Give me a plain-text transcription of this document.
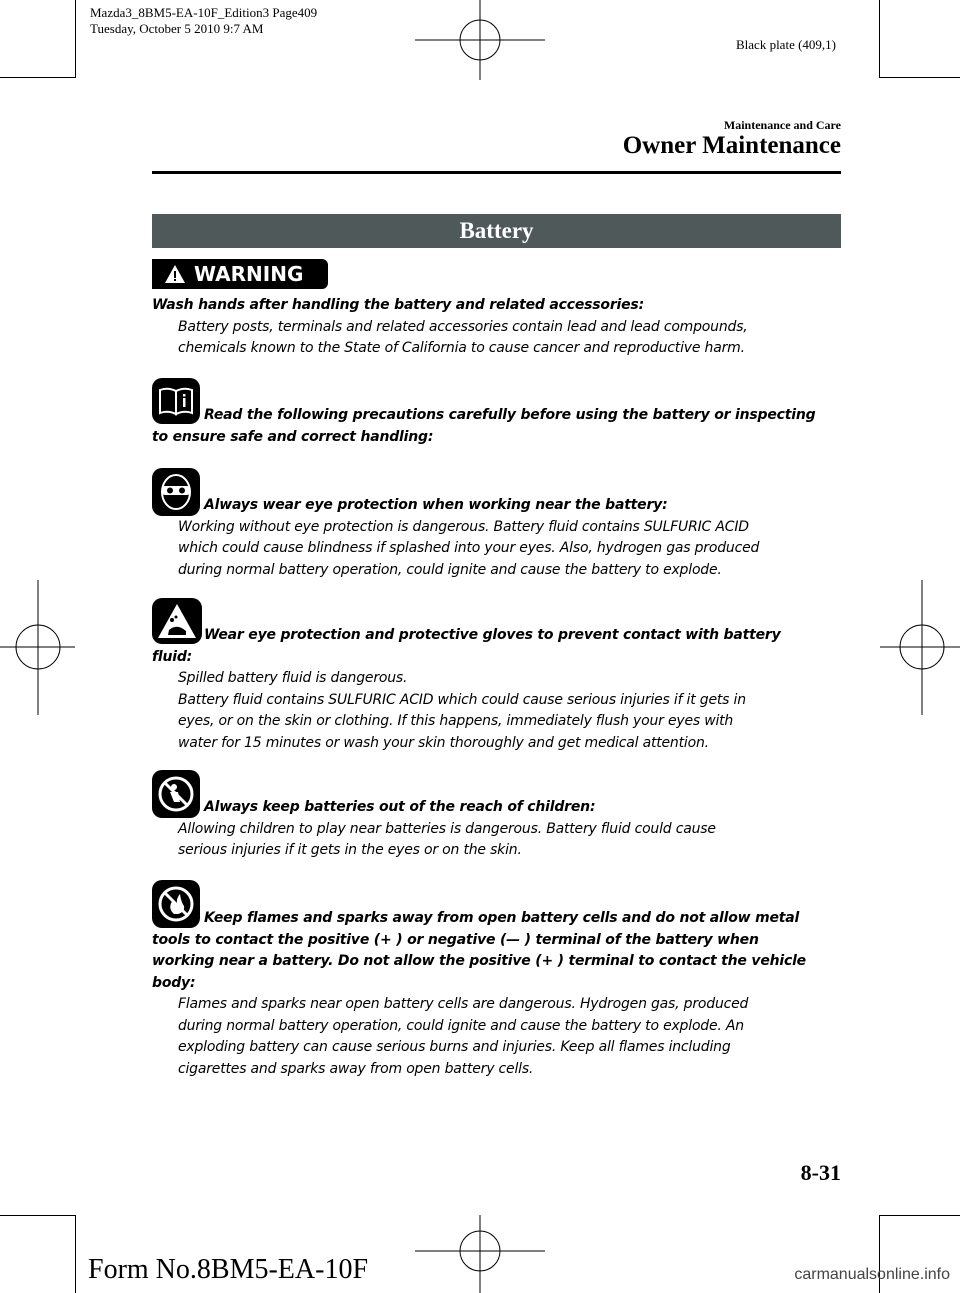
Mazda3_8BM5-EA-10F_Edition3 Page409
Tuesday, October 5 2010 9:7 AM
Black plate (409,1)
Maintenance and Care
Owner Maintenance
Battery
WARNING
Wash hands after handling the battery and related accessories:
Battery posts, terminals and related accessories contain lead and lead compounds,
chemicals known to the State of California to cause cancer and reproductive harm.
Read the following precautions carefully before using the battery or inspecting
to ensure safe and correct handling:
Always wear eye protection when working near the battery:
Working without eye protection is dangerous. Battery fluid contains SULFURIC ACID
which could cause blindness if splashed into your eyes. Also, hydrogen gas produced
during normal battery operation, could ignite and cause the battery to explode.
Wear eye protection and protective gloves to prevent contact with battery
fluid:
Spilled battery fluid is dangerous.
Battery fluid contains SULFURIC ACID which could cause serious injuries if it gets in
eyes, or on the skin or clothing. If this happens, immediately flush your eyes with
water for 15 minutes or wash your skin thoroughly and get medical attention.
Always keep batteries out of the reach of children:
Allowing children to play near batteries is dangerous. Battery fluid could cause
serious injuries if it gets in the eyes or on the skin.
Keep flames and sparks away from open battery cells and do not allow metal
tools to contact the positive (+ ) or negative (— ) terminal of the battery when
working near a battery. Do not allow the positive (+ ) terminal to contact the vehicle
body:
Flames and sparks near open battery cells are dangerous. Hydrogen gas, produced
during normal battery operation, could ignite and cause the battery to explode. An
exploding battery can cause serious burns and injuries. Keep all flames including
cigarettes and sparks away from open battery cells.
8-31
Form No.8BM5-EA-10F	carmanualsonline.info
